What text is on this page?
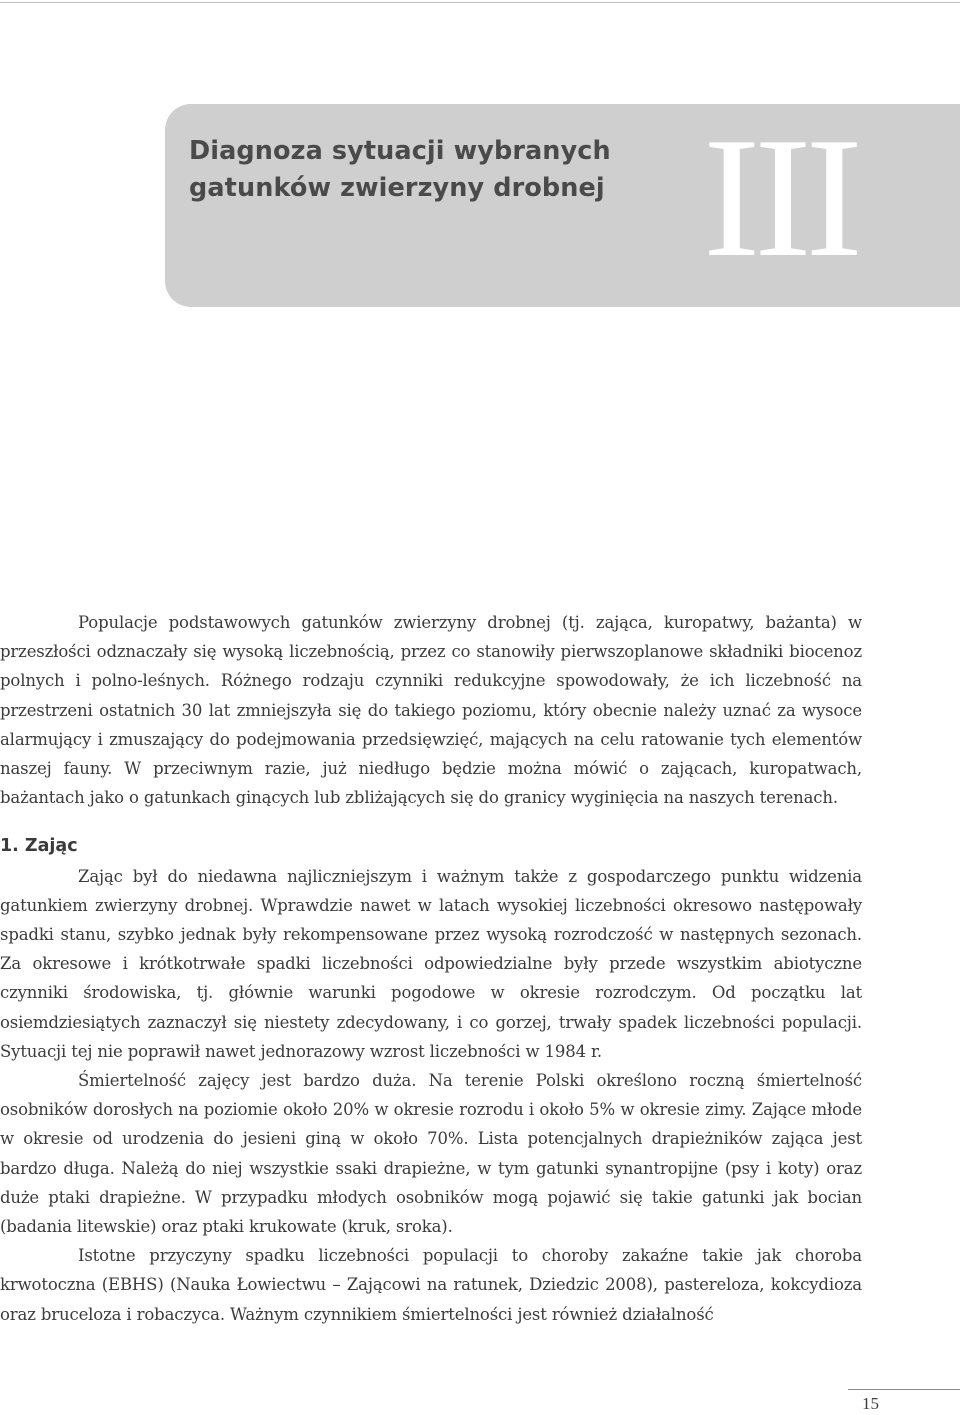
Diagnoza sytuacji wybranych
gatunków zwierzyny drobnej III

Populacje podstawowych gatunków zwierzyny drobnej (tj. zająca, kuropatwy, bażanta) w przeszłości odznaczały się wysoką liczebnością, przez co stanowiły pierwszoplanowe składniki biocenoz polnych i polno-leśnych. Różnego rodzaju czynniki redukcyjne spowodowały, że ich liczebność na przestrzeni ostatnich 30 lat zmniejszyła się do takiego poziomu, który obecnie należy uznać za wysoce alarmujący i zmuszający do podejmowania przedsięwzięć, mających na celu ratowanie tych elementów naszej fauny. W przeciwnym razie, już niedługo będzie można mówić o zającach, kuropatwach, bażantach jako o gatunkach ginących lub zbliżających się do granicy wyginięcia na naszych terenach.

1. Zając

Zając był do niedawna najliczniejszym i ważnym także z gospodarczego punktu widzenia gatunkiem zwierzyny drobnej. Wprawdzie nawet w latach wysokiej liczebności okresowo następowały spadki stanu, szybko jednak były rekompensowane przez wysoką rozrodczość w następnych sezonach. Za okresowe i krótkotrwałe spadki liczebności odpowiedzialne były przede wszystkim abiotyczne czynniki środowiska, tj. głównie warunki pogodowe w okresie rozrodczym. Od początku lat osiemdziesiątych zaznaczył się niestety zdecydowany, i co gorzej, trwały spadek liczebności populacji. Sytuacji tej nie poprawił nawet jednorazowy wzrost liczebności w 1984 r.

Śmiertelność zajęcy jest bardzo duża. Na terenie Polski określono roczną śmiertelność osobników dorosłych na poziomie około 20% w okresie rozrodu i około 5% w okresie zimy. Zające młode w okresie od urodzenia do jesieni giną w około 70%. Lista potencjalnych drapieżników zająca jest bardzo długa. Należą do niej wszystkie ssaki drapieżne, w tym gatunki synantropijne (psy i koty) oraz duże ptaki drapieżne. W przypadku młodych osobników mogą pojawić się takie gatunki jak bocian (badania litewskie) oraz ptaki krukowate (kruk, sroka).

Istotne przyczyny spadku liczebności populacji to choroby zakaźne takie jak choroba krwotoczna (EBHS) (Nauka Łowiectwu – Zającowi na ratunek, Dziedzic 2008), pastereloza, kokcydioza oraz bruceloza i robaczyca. Ważnym czynnikiem śmiertelności jest również działalność

15
